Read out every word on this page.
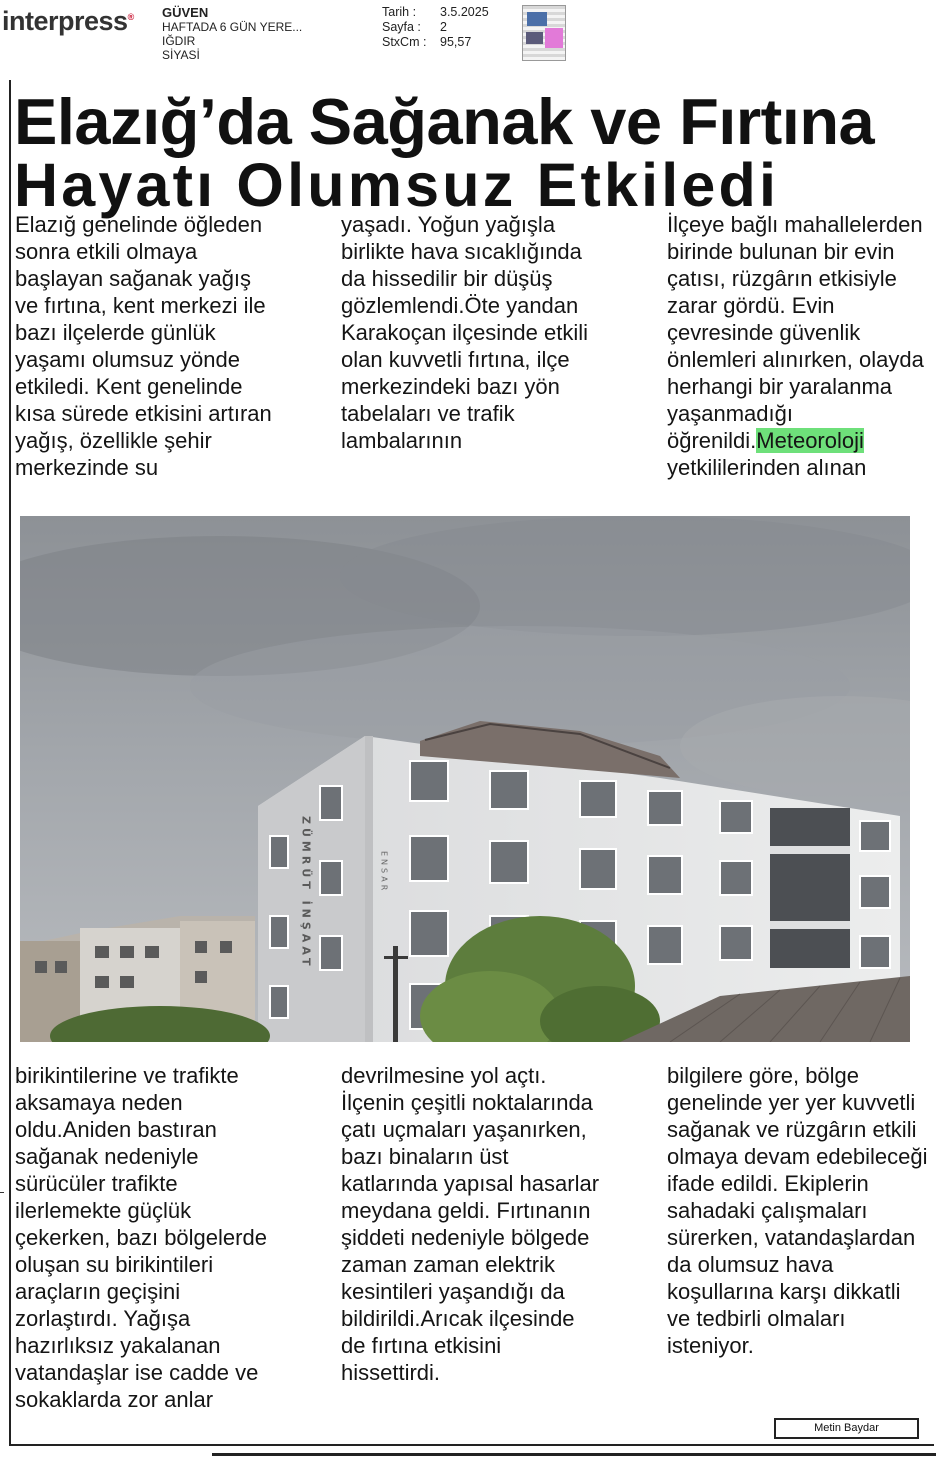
interpress® GÜVEN
HAFTADA 6 GÜN YERE...
IĞDIR
SİYASİ
Tarih :	3.5.2025
Sayfa :	2
StxCm :	95,57
Elazığ’da Sağanak ve Fırtına
Hayatı Olumsuz Etkiledi

Elazığ genelinde öğleden sonra etkili olmaya başlayan sağanak yağış ve fırtına, kent merkezi ile bazı ilçelerde günlük yaşamı olumsuz yönde etkiledi. Kent genelinde kısa sürede etkisini artıran yağış, özellikle şehir merkezinde su

yaşadı. Yoğun yağışla birlikte hava sıcaklığında da hissedilir bir düşüş gözlemlendi.Öte yandan Karakoçan ilçesinde etkili olan kuvvetli fırtına, ilçe merkezindeki bazı yön tabelaları ve trafik lambalarının

İlçeye bağlı mahallelerden birinde bulunan bir evin çatısı, rüzgârın etkisiyle zarar gördü. Evin çevresinde güvenlik önlemleri alınırken, olayda herhangi bir yaralanma yaşanmadığı öğrenildi.Meteoroloji yetkililerinden alınan

ZÜMRÜT İNŞAAT	ENSAR

birikintilerine ve trafikte aksamaya neden oldu.Aniden bastıran sağanak nedeniyle sürücüler trafikte ilerlemekte güçlük çekerken, bazı bölgelerde oluşan su birikintileri araçların geçişini zorlaştırdı. Yağışa hazırlıksız yakalanan vatandaşlar ise cadde ve sokaklarda zor anlar

devrilmesine yol açtı. İlçenin çeşitli noktalarında çatı uçmaları yaşanırken, bazı binaların üst katlarında yapısal hasarlar meydana geldi. Fırtınanın şiddeti nedeniyle bölgede zaman zaman elektrik kesintileri yaşandığı da bildirildi.Arıcak ilçesinde de fırtına etkisini hissettirdi.

bilgilere göre, bölge genelinde yer yer kuvvetli sağanak ve rüzgârın etkili olmaya devam edebileceği ifade edildi. Ekiplerin sahadaki çalışmaları sürerken, vatandaşlardan da olumsuz hava koşullarına karşı dikkatli ve tedbirli olmaları isteniyor.

Metin Baydar
